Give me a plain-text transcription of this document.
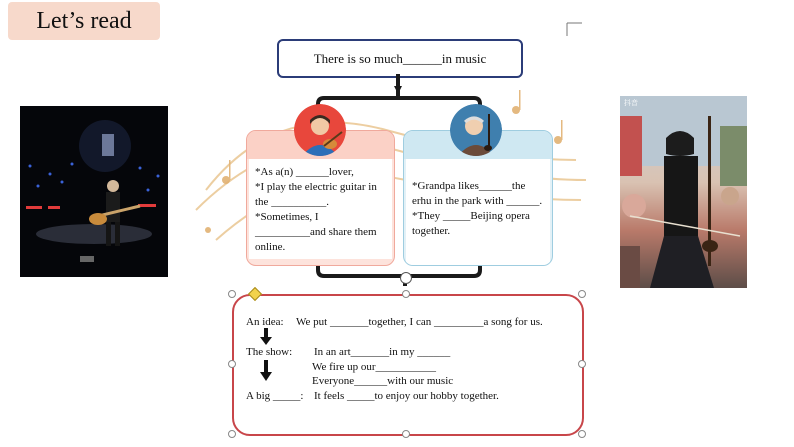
Let’s read
抖音
There is so much______in music
*As a(n) ______lover,
*I play the electric guitar in
the __________.
*Sometimes, I
__________and share them
online.
*Grandpa likes______the
erhu in the park with ______.
*They _____Beijing opera
together.
An idea: We put _______together, I can _________a song for us.
The show: In an art_______in my ______
We fire up our___________
Everyone______with our music
A big _____: It feels _____to enjoy our hobby together.
